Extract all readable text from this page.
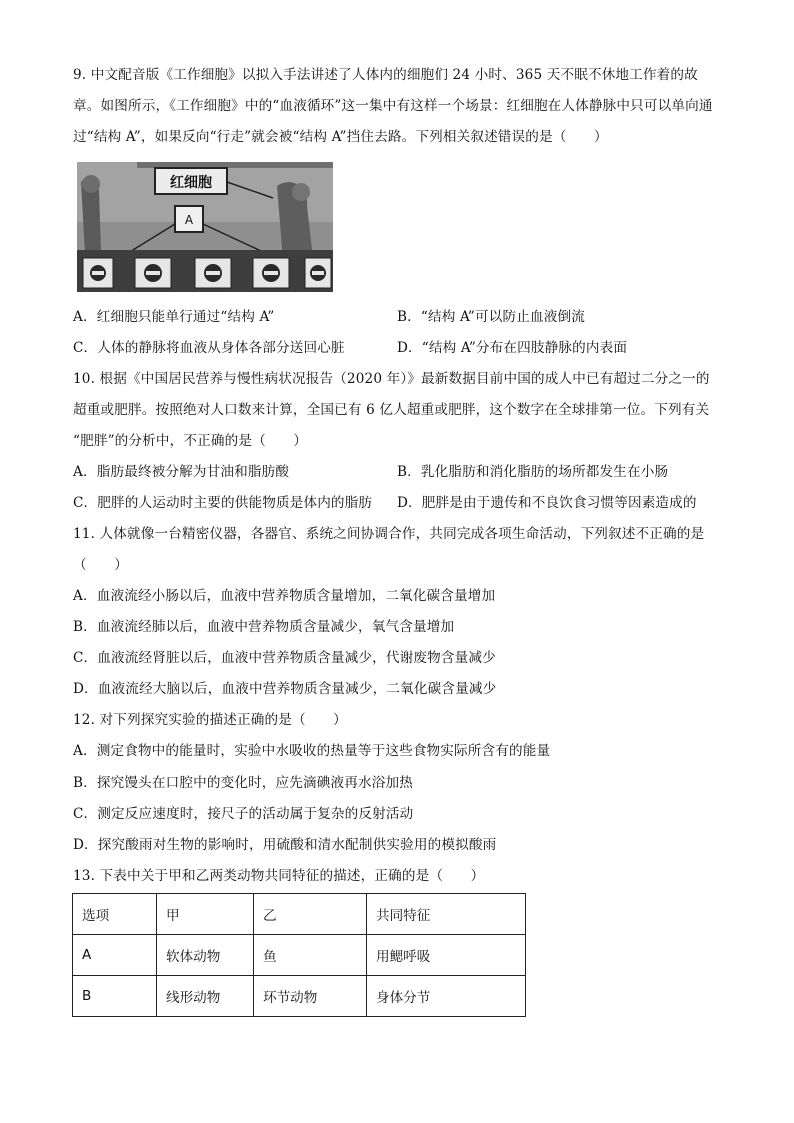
9. 中文配音版《工作细胞》以拟入手法讲述了人体内的细胞们 24 小时、365 天不眠不休地工作着的故
章。如图所示，《工作细胞》中的“血液循环”这一集中有这样一个场景：红细胞在人体静脉中只可以单向通
过“结构 A”，如果反向“行走”就会被“结构 A”挡住去路。下列相关叙述错误的是（　　）
红细胞
A
A．红细胞只能单行通过“结构 A”	B．“结构 A”可以防止血液倒流
C．人体的静脉将血液从身体各部分送回心脏	D．“结构 A”分布在四肢静脉的内表面
10. 根据《中国居民营养与慢性病状况报告（2020 年）》最新数据目前中国的成人中已有超过二分之一的
超重或肥胖。按照绝对人口数来计算，全国已有 6 亿人超重或肥胖，这个数字在全球排第一位。下列有关
“肥胖”的分析中，不正确的是（　　）
A．脂肪最终被分解为甘油和脂肪酸	B．乳化脂肪和消化脂肪的场所都发生在小肠
C．肥胖的人运动时主要的供能物质是体内的脂肪 D．肥胖是由于遗传和不良饮食习惯等因素造成的
11. 人体就像一台精密仪器，各器官、系统之间协调合作，共同完成各项生命活动，下列叙述不正确的是
（　　）
A．血液流经小肠以后，血液中营养物质含量增加，二氧化碳含量增加
B．血液流经肺以后，血液中营养物质含量减少，氧气含量增加
C．血液流经肾脏以后，血液中营养物质含量减少，代谢废物含量减少
D．血液流经大脑以后，血液中营养物质含量减少，二氧化碳含量减少
12. 对下列探究实验的描述正确的是（　　）
A．测定食物中的能量时，实验中水吸收的热量等于这些食物实际所含有的能量
B．探究馒头在口腔中的变化时，应先滴碘液再水浴加热
C．测定反应速度时，接尺子的活动属于复杂的反射活动
D．探究酸雨对生物的影响时，用硫酸和清水配制供实验用的模拟酸雨
13. 下表中关于甲和乙两类动物共同特征的描述，正确的是（　　）
选项	甲	乙	共同特征
A	软体动物	鱼	用鳃呼吸
B	线形动物	环节动物	身体分节
